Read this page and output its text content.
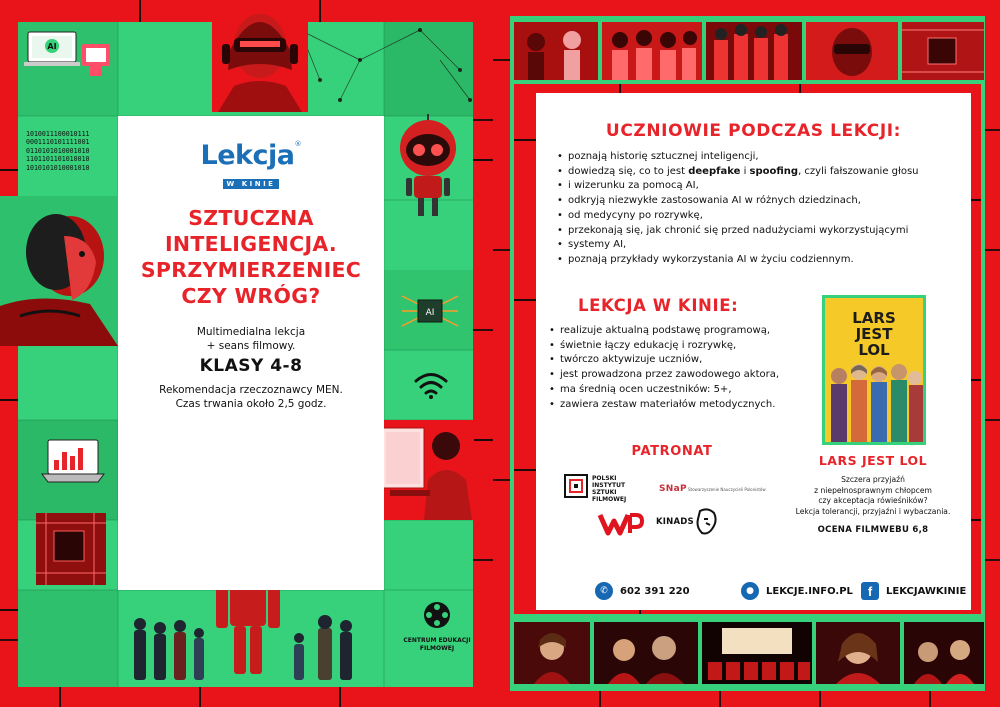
AI
1010011100010111
0001110101111001
0110101010001010
1101101101010010
1010101010001010
AI
Lekcja®
W KINIE
SZTUCZNA
INTELIGENCJA.
SPRZYMIERZENIEC
CZY WRÓG?
Multimedialna lekcja
+ seans filmowy.
KLASY 4-8
Rekomendacja rzeczoznawcy MEN.
Czas trwania około 2,5 godz.
CENTRUM EDUKACJI
FILMOWEJ
UCZNIOWIE PODCZAS LEKCJI:
• poznają historię sztucznej inteligencji,
• dowiedzą się, co to jest deepfake i spoofing, czyli fałszowanie głosu
• i wizerunku za pomocą AI,
• odkryją niezwykłe zastosowania AI w różnych dziedzinach,
• od medycyny po rozrywkę,
• przekonają się, jak chronić się przed nadużyciami wykorzystującymi
• systemy AI,
• poznają przykłady wykorzystania AI w życiu codziennym.
LEKCJA W KINIE:
• realizuje aktualną podstawę programową,
• świetnie łączy edukację i rozrywkę,
• twórczo aktywizuje uczniów,
• jest prowadzona przez zawodowego aktora,
• ma średnią ocen uczestników: 5+,
• zawiera zestaw materiałów metodycznych.
LARS
JEST
LOL
LARS JEST LOL
Szczera przyjaźń
z niepełnosprawnym chłopcem
czy akceptacja rówieśników?
Lekcja tolerancji, przyjaźni i wybaczania.
OCENA FILMWEBU 6,8
PATRONAT
POLSKI
INSTYTUT
SZTUKI
FILMOWEJ
SNaP Stowarzyszenie Nauczycieli Polonistów
KINADS
✆	602 391 220	●	LEKCJE.INFO.PL	f	LEKCJAWKINIE
